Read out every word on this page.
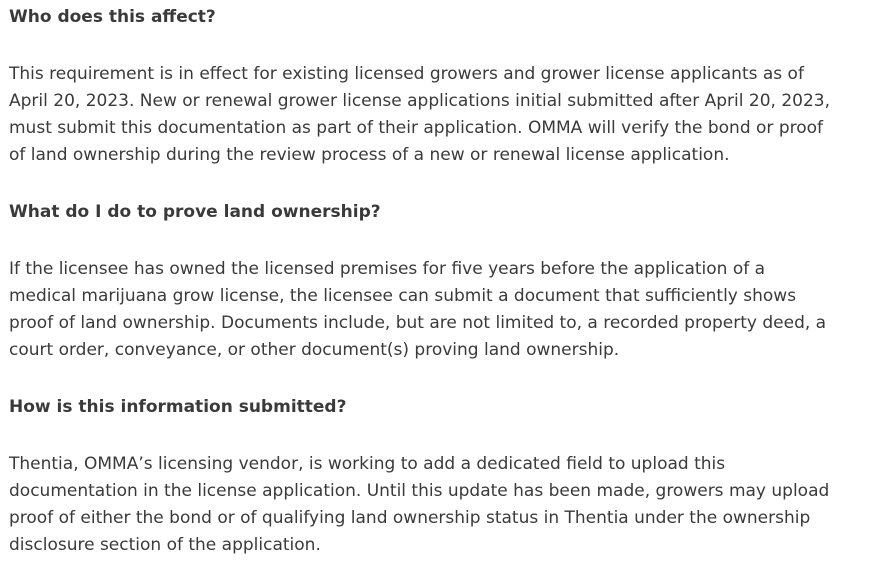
Who does this affect?

This requirement is in effect for existing licensed growers and grower license applicants as of
April 20, 2023. New or renewal grower license applications initial submitted after April 20, 2023,
must submit this documentation as part of their application. OMMA will verify the bond or proof
of land ownership during the review process of a new or renewal license application.

What do I do to prove land ownership?

If the licensee has owned the licensed premises for five years before the application of a
medical marijuana grow license, the licensee can submit a document that sufficiently shows
proof of land ownership. Documents include, but are not limited to, a recorded property deed, a
court order, conveyance, or other document(s) proving land ownership.

How is this information submitted?

Thentia, OMMA’s licensing vendor, is working to add a dedicated field to upload this
documentation in the license application. Until this update has been made, growers may upload
proof of either the bond or of qualifying land ownership status in Thentia under the ownership
disclosure section of the application.
